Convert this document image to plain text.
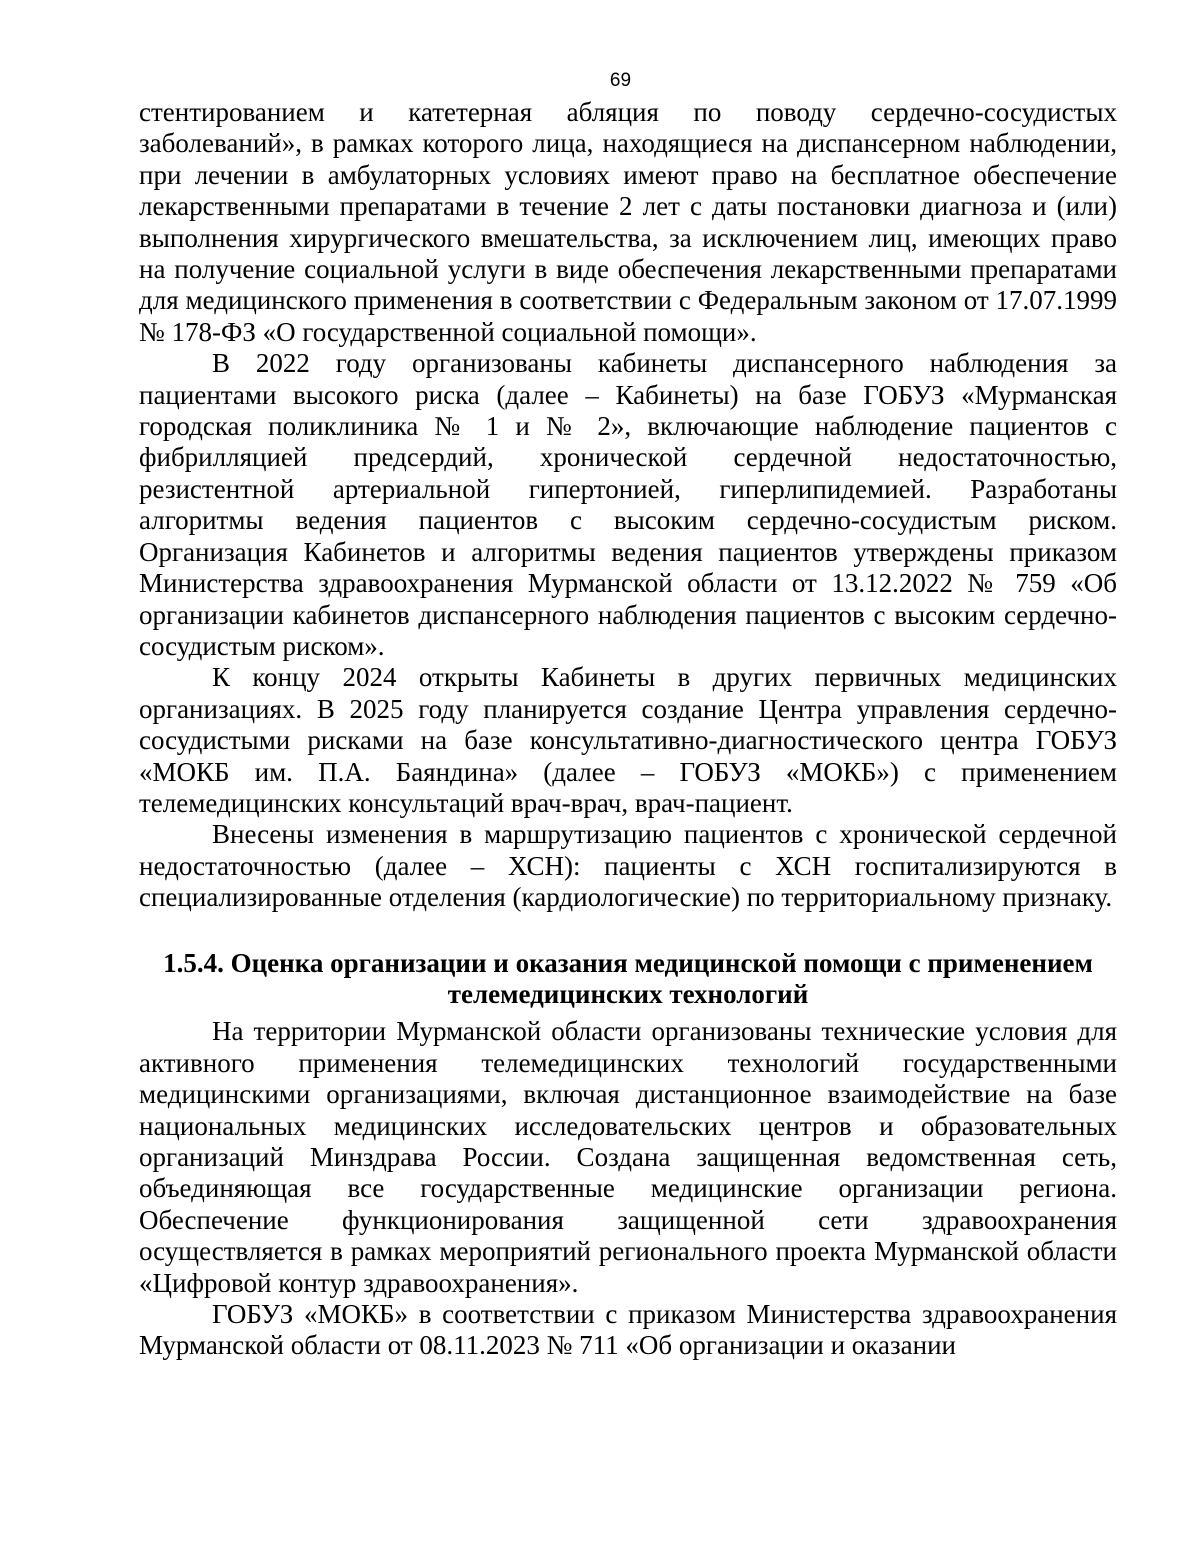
69

стентированием и катетерная абляция по поводу сердечно-сосудистых заболеваний», в рамках которого лица, находящиеся на диспансерном наблюдении, при лечении в амбулаторных условиях имеют право на бесплатное обеспечение лекарственными препаратами в течение 2 лет с даты постановки диагноза и (или) выполнения хирургического вмешательства, за исключением лиц, имеющих право на получение социальной услуги в виде обеспечения лекарственными препаратами для медицинского применения в соответствии с Федеральным законом от 17.07.1999 № 178-ФЗ «О государственной социальной помощи».

В 2022 году организованы кабинеты диспансерного наблюдения за пациентами высокого риска (далее – Кабинеты) на базе ГОБУЗ «Мурманская городская поликлиника № 1 и № 2», включающие наблюдение пациентов с фибрилляцией предсердий, хронической сердечной недостаточностью, резистентной артериальной гипертонией, гиперлипидемией. Разработаны алгоритмы ведения пациентов с высоким сердечно-сосудистым риском. Организация Кабинетов и алгоритмы ведения пациентов утверждены приказом Министерства здравоохранения Мурманской области от 13.12.2022 № 759 «Об организации кабинетов диспансерного наблюдения пациентов с высоким сердечно-сосудистым риском».

К концу 2024 открыты Кабинеты в других первичных медицинских организациях. В 2025 году планируется создание Центра управления сердечно-сосудистыми рисками на базе консультативно-диагностического центра ГОБУЗ «МОКБ им. П.А. Баяндина» (далее – ГОБУЗ «МОКБ») с применением телемедицинских консультаций врач-врач, врач-пациент.

Внесены изменения в маршрутизацию пациентов с хронической сердечной недостаточностью (далее – ХСН): пациенты с ХСН госпитализируются в специализированные отделения (кардиологические) по территориальному признаку.

1.5.4. Оценка организации и оказания медицинской помощи с применением телемедицинских технологий

На территории Мурманской области организованы технические условия для активного применения телемедицинских технологий государственными медицинскими организациями, включая дистанционное взаимодействие на базе национальных медицинских исследовательских центров и образовательных организаций Минздрава России. Создана защищенная ведомственная сеть, объединяющая все государственные медицинские организации региона. Обеспечение функционирования защищенной сети здравоохранения осуществляется в рамках мероприятий регионального проекта Мурманской области «Цифровой контур здравоохранения».

ГОБУЗ «МОКБ» в соответствии с приказом Министерства здравоохранения Мурманской области от 08.11.2023 № 711 «Об организации и оказании
